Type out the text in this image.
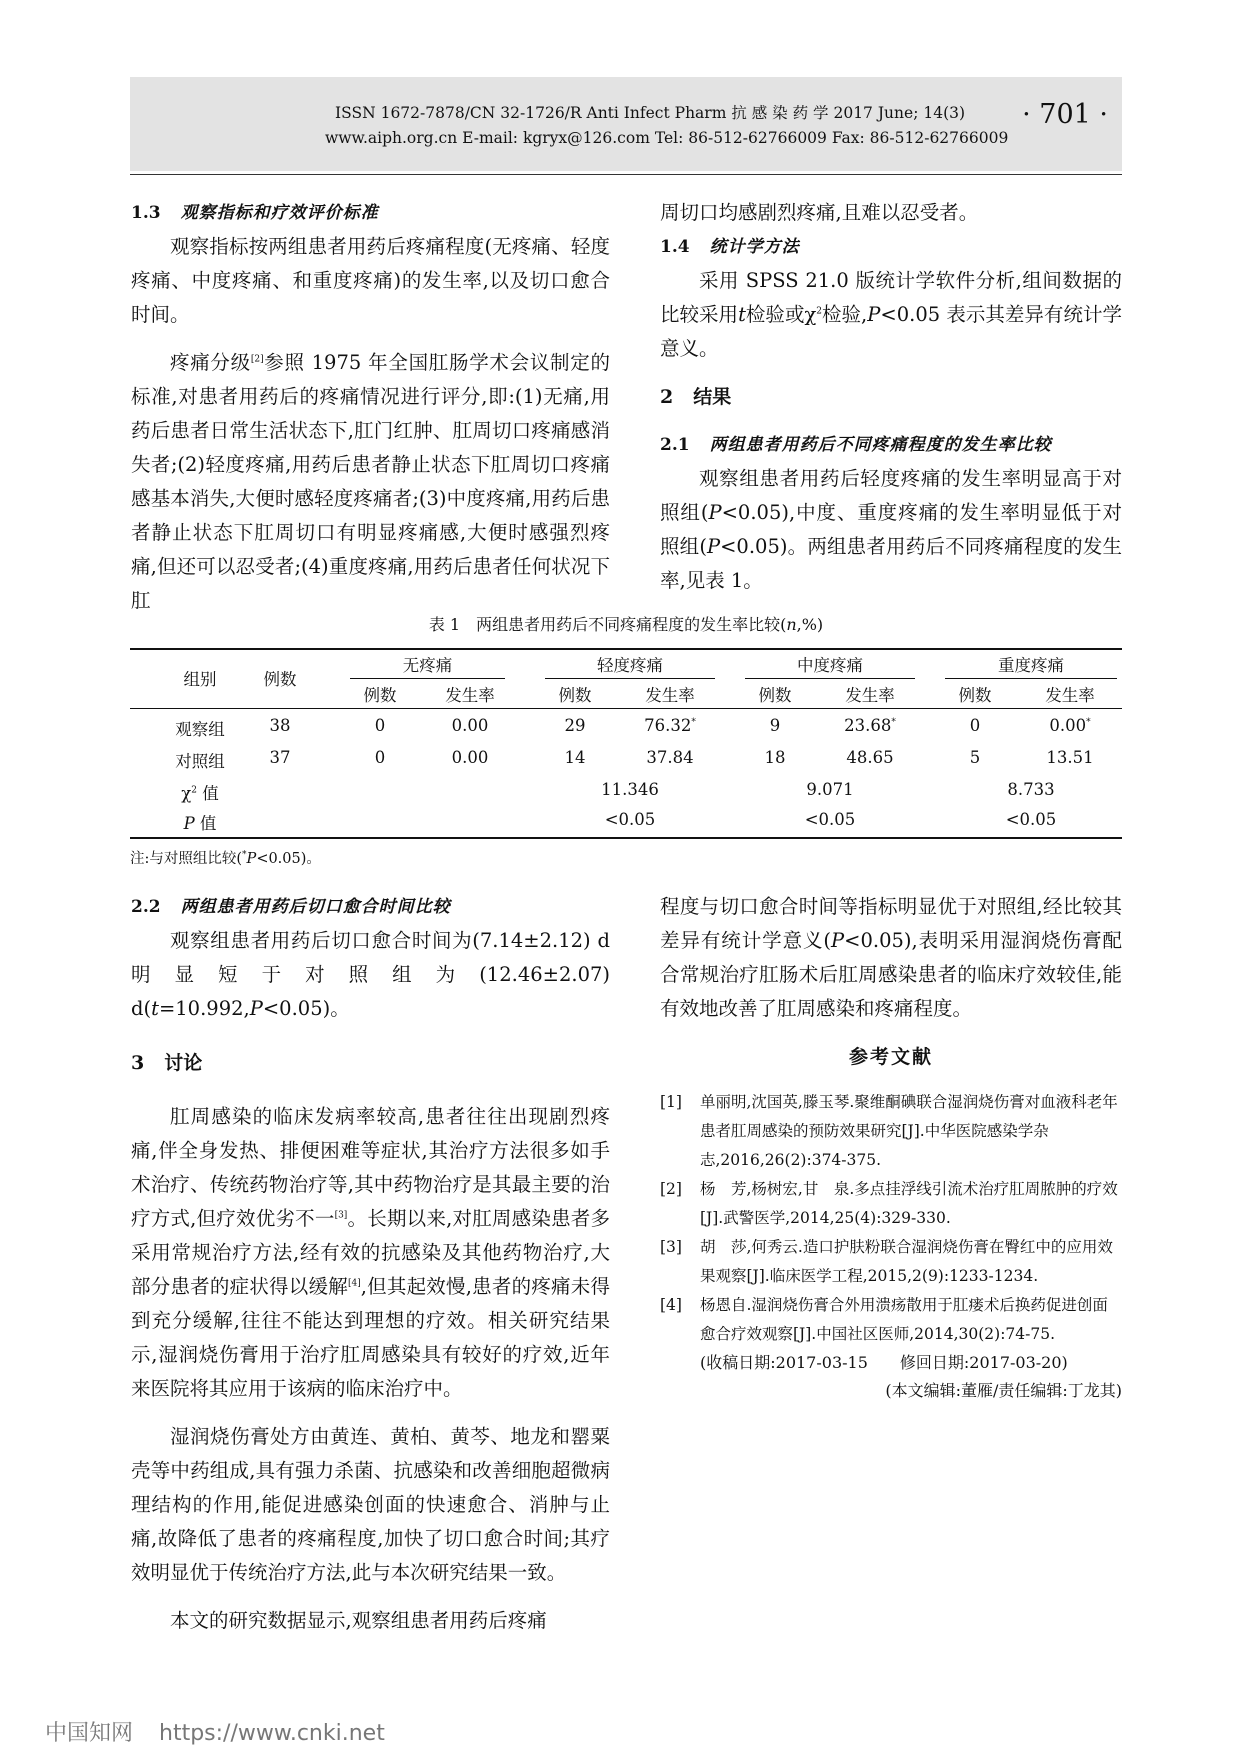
ISSN 1672-7878/CN 32-1726/R Anti Infect Pharm 抗 感 染 药 学 2017 June; 14(3)
www.aiph.org.cn E-mail: kgryx@126.com Tel: 86-512-62766009 Fax: 86-512-62766009
· 701 ·
1.3 观察指标和疗效评价标准

观察指标按两组患者用药后疼痛程度(无疼痛、轻度疼痛、中度疼痛、和重度疼痛)的发生率,以及切口愈合时间。

疼痛分级[2]参照 1975 年全国肛肠学术会议制定的标准,对患者用药后的疼痛情况进行评分,即:(1)无痛,用药后患者日常生活状态下,肛门红肿、肛周切口疼痛感消失者;(2)轻度疼痛,用药后患者静止状态下肛周切口疼痛感基本消失,大便时感轻度疼痛者;(3)中度疼痛,用药后患者静止状态下肛周切口有明显疼痛感,大便时感强烈疼痛,但还可以忍受者;(4)重度疼痛,用药后患者任何状况下肛

周切口均感剧烈疼痛,且难以忍受者。
1.4 统计学方法

采用 SPSS 21.0 版统计学软件分析,组间数据的比较采用t检验或$\chi^2$检验,P<0.05 表示其差异有统计学意义。

2 结果
2.1 两组患者用药后不同疼痛程度的发生率比较

观察组患者用药后轻度疼痛的发生率明显高于对照组(P<0.05),中度、重度疼痛的发生率明显低于对照组(P<0.05)。两组患者用药后不同疼痛程度的发生率,见表 1。

表 1　两组患者用药后不同疼痛程度的发生率比较(n,%)
组别	例数
无疼痛	轻度疼痛	中度疼痛	重度疼痛
例数	发生率	例数	发生率	例数	发生率	例数	发生率
观察组	38	0	0.00	29	76.32*	9	23.68*	0	0.00*
对照组	37	0	0.00	14	37.84	18	48.65	5	13.51
$\chi^2$ 值	11.346	9.071	8.733
P 值	<0.05	<0.05	<0.05
注:与对照组比较(*P<0.05)。
2.2 两组患者用药后切口愈合时间比较

观察组患者用药后切口愈合时间为(7.14±2.12) d 明显短于对照组为(12.46±2.07) d(t=10.992,P<0.05)。

3 讨论

肛周感染的临床发病率较高,患者往往出现剧烈疼痛,伴全身发热、排便困难等症状,其治疗方法很多如手术治疗、传统药物治疗等,其中药物治疗是其最主要的治疗方式,但疗效优劣不一[3]。长期以来,对肛周感染患者多采用常规治疗方法,经有效的抗感染及其他药物治疗,大部分患者的症状得以缓解[4],但其起效慢,患者的疼痛未得到充分缓解,往往不能达到理想的疗效。相关研究结果示,湿润烧伤膏用于治疗肛周感染具有较好的疗效,近年来医院将其应用于该病的临床治疗中。

湿润烧伤膏处方由黄连、黄柏、黄芩、地龙和罂粟壳等中药组成,具有强力杀菌、抗感染和改善细胞超微病理结构的作用,能促进感染创面的快速愈合、消肿与止痛,故降低了患者的疼痛程度,加快了切口愈合时间;其疗效明显优于传统治疗方法,此与本次研究结果一致。

本文的研究数据显示,观察组患者用药后疼痛

程度与切口愈合时间等指标明显优于对照组,经比较其差异有统计学意义(P<0.05),表明采用湿润烧伤膏配合常规治疗肛肠术后肛周感染患者的临床疗效较佳,能有效地改善了肛周感染和疼痛程度。
参考文献
[1] 单丽明,沈国英,滕玉琴.聚维酮碘联合湿润烧伤膏对血液科老年患者肛周感染的预防效果研究[J].中华医院感染学杂志,2016,26(2):374-375.
[2] 杨　芳,杨树宏,甘　泉.多点挂浮线引流术治疗肛周脓肿的疗效[J].武警医学,2014,25(4):329-330.
[3] 胡　莎,何秀云.造口护肤粉联合湿润烧伤膏在臀红中的应用效果观察[J].临床医学工程,2015,2(9):1233-1234.
[4] 杨恩自.湿润烧伤膏合外用溃疡散用于肛瘘术后换药促进创面愈合疗效观察[J].中国社区医师,2014,30(2):74-75.
(收稿日期:2017-03-15　　修回日期:2017-03-20)
(本文编辑:董雁/责任编辑:丁龙其)
中国知网 https://www.cnki.net
